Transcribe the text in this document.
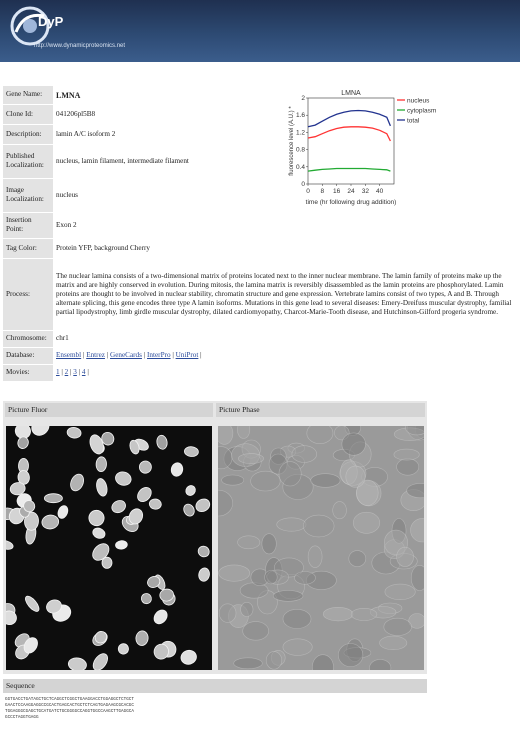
DyP
http://www.dynamicproteomics.net
Gene Name:	LMNA
Clone Id:	041206pl5B8
Description:	lamin A/C isoform 2
Published Localization:	nucleus, lamin filament, intermediate filament
Image Localization:	nucleus
Insertion Point:	Exon 2
Tag Color:	Protein YFP, background Cherry
Process:	The nuclear lamina consists of a two-dimensional matrix of proteins located next to the inner nuclear membrane. The lamin family of proteins make up the matrix and are highly conserved in evolution. During mitosis, the lamina matrix is reversibly disassembled as the lamin proteins are phosphorylated. Lamin proteins are thought to be involved in nuclear stability, chromatin structure and gene expression. Vertebrate lamins consist of two types, A and B. Through alternate splicing, this gene encodes three type A lamin isoforms. Mutations in this gene lead to several diseases: Emery-Dreifuss muscular dystrophy, familial partial lipodystrophy, limb girdle muscular dystrophy, dilated cardiomyopathy, Charcot-Marie-Tooth disease, and Hutchinson-Gilford progeria syndrome.
Chromosome:	chr1
Database:	Ensembl | Entrez | GeneCards | InterPro | UniProt |
Movies:	1 | 2 | 3 | 4 |
LMNA
0
0.4
0.8
1.2
1.6
2
0 8 16 24 32 40
time (hr following drug addition)
fluorescence level (A.U.) *
nucleus
cytoplasm
total
Picture Fluor	Picture Phase
Sequence
GGTGACCTGATAGCTGCTCAGGCTCGGCTGAAGGACCTGGAGGCTCTGCT
GAACTCCAAGGAGGCCGCACTGAGCACTGCTCTCAGTGAGAAGCGCACGC
TGGAGGGCGAGCTGCATGATCTGCGGGGCCAGGTGGCCAAGCTTGAGGCA
GCCCTAGGTGAGG
